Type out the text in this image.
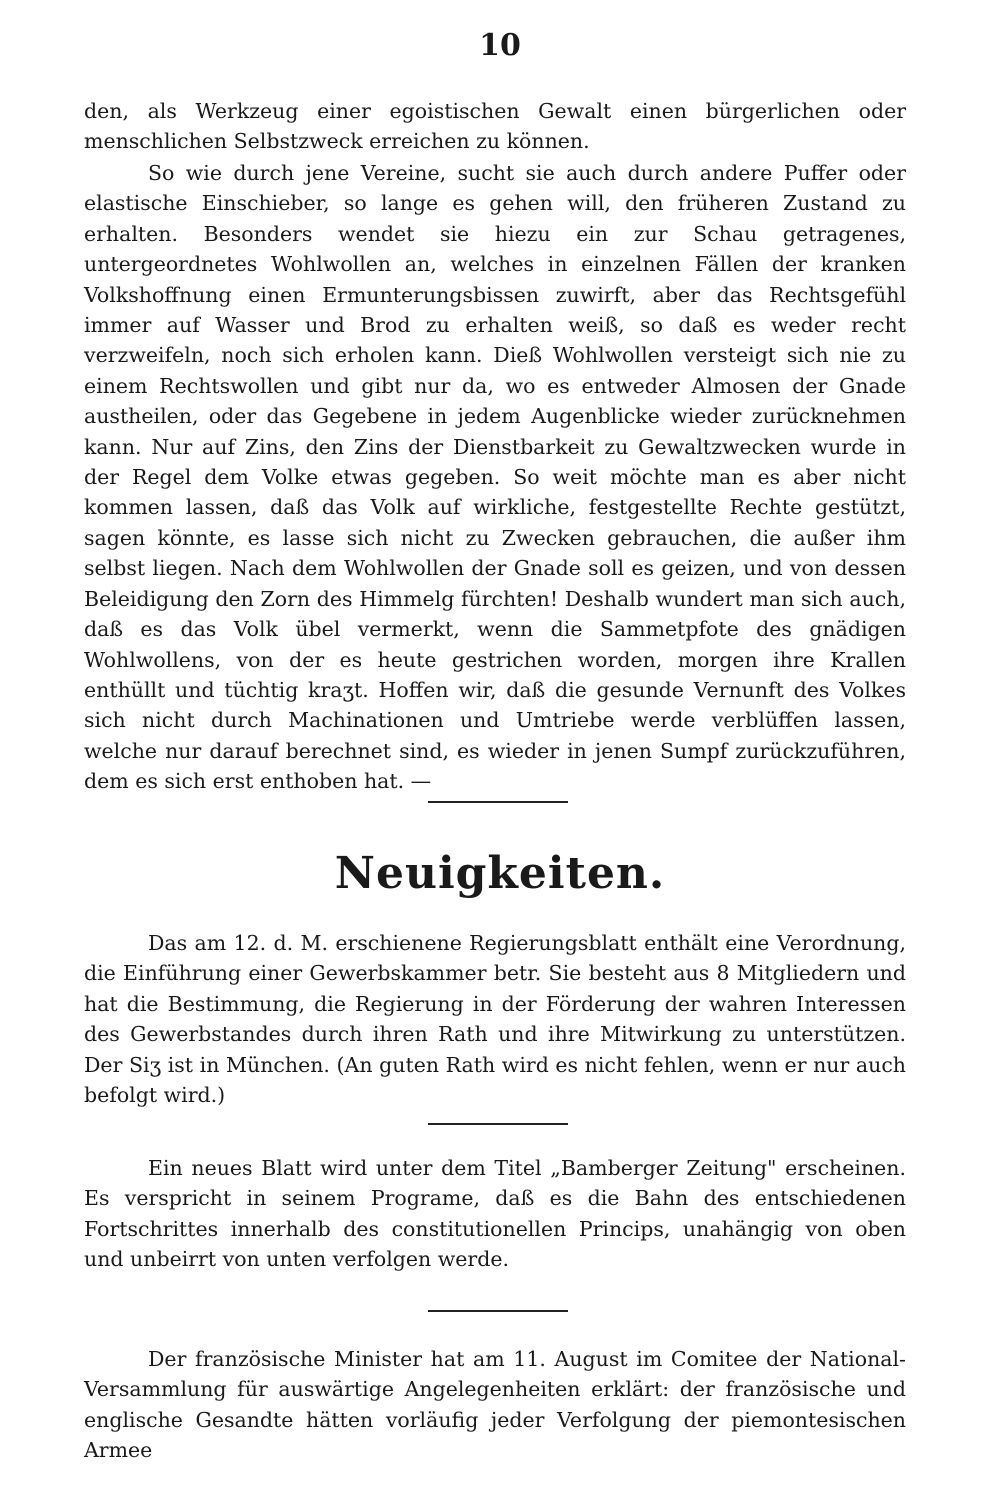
10

den, als Werkzeug einer egoistischen Gewalt einen bürgerlichen oder menschlichen Selbstzweck erreichen zu können.

So wie durch jene Vereine, sucht sie auch durch andere Puffer oder elastische Einschieber, so lange es gehen will, den früheren Zustand zu erhalten. Besonders wendet sie hiezu ein zur Schau getragenes, untergeordnetes Wohlwollen an, welches in einzelnen Fällen der kranken Volkshoffnung einen Ermunterungsbissen zuwirft, aber das Rechtsgefühl immer auf Wasser und Brod zu erhalten weiß, so daß es weder recht verzweifeln, noch sich erholen kann. Dieß Wohlwollen versteigt sich nie zu einem Rechtswollen und gibt nur da, wo es entweder Almosen der Gnade austheilen, oder das Gegebene in jedem Augenblicke wieder zurücknehmen kann. Nur auf Zins, den Zins der Dienstbarkeit zu Gewaltzwecken wurde in der Regel dem Volke etwas gegeben. So weit möchte man es aber nicht kommen lassen, daß das Volk auf wirkliche, festgestellte Rechte gestützt, sagen könnte, es lasse sich nicht zu Zwecken gebrauchen, die außer ihm selbst liegen. Nach dem Wohlwollen der Gnade soll es geizen, und von dessen Beleidigung den Zorn des Himmelg fürchten! Deshalb wundert man sich auch, daß es das Volk übel vermerkt, wenn die Sammetpfote des gnädigen Wohlwollens, von der es heute gestrichen worden, morgen ihre Krallen enthüllt und tüchtig kraʒt. Hoffen wir, daß die gesunde Vernunft des Volkes sich nicht durch Machinationen und Umtriebe werde verblüffen lassen, welche nur darauf berechnet sind, es wieder in jenen Sumpf zurückzuführen, dem es sich erst enthoben hat. —

Neuigkeiten.

Das am 12. d. M. erschienene Regierungsblatt enthält eine Verordnung, die Einführung einer Gewerbskammer betr. Sie besteht aus 8 Mitgliedern und hat die Bestimmung, die Regierung in der Förderung der wahren Interessen des Gewerbstandes durch ihren Rath und ihre Mitwirkung zu unterstützen. Der Siʒ ist in München. (An guten Rath wird es nicht fehlen, wenn er nur auch befolgt wird.)

Ein neues Blatt wird unter dem Titel „Bamberger Zeitung" erscheinen. Es verspricht in seinem Programe, daß es die Bahn des entschiedenen Fortschrittes innerhalb des constitutionellen Princips, unahängig von oben und unbeirrt von unten verfolgen werde.

Der französische Minister hat am 11. August im Comitee der National-Versammlung für auswärtige Angelegenheiten erklärt: der französische und englische Gesandte hätten vorläufig jeder Verfolgung der piemontesischen Armee
